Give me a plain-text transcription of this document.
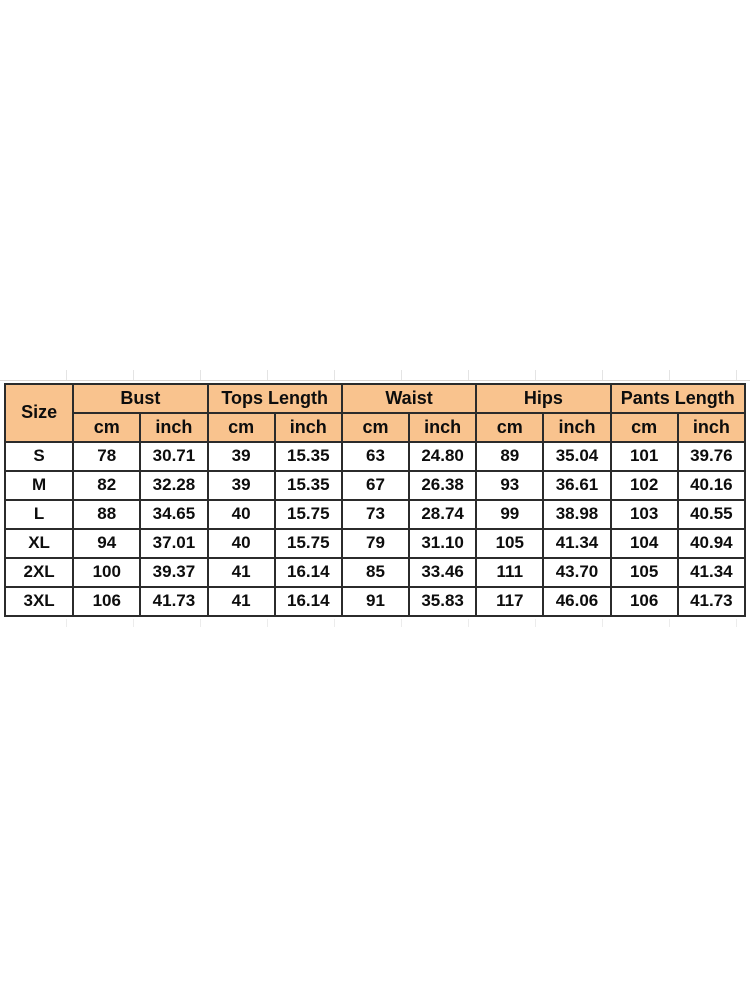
Size	Bust		Tops Length		Waist		Hips		Pants Length	
	cm	inch	cm	inch	cm	inch	cm	inch	cm	inch
S	78	30.71	39	15.35	63	24.80	89	35.04	101	39.76
M	82	32.28	39	15.35	67	26.38	93	36.61	102	40.16
L	88	34.65	40	15.75	73	28.74	99	38.98	103	40.55
XL	94	37.01	40	15.75	79	31.10	105	41.34	104	40.94
2XL	100	39.37	41	16.14	85	33.46	111	43.70	105	41.34
3XL	106	41.73	41	16.14	91	35.83	117	46.06	106	41.73
